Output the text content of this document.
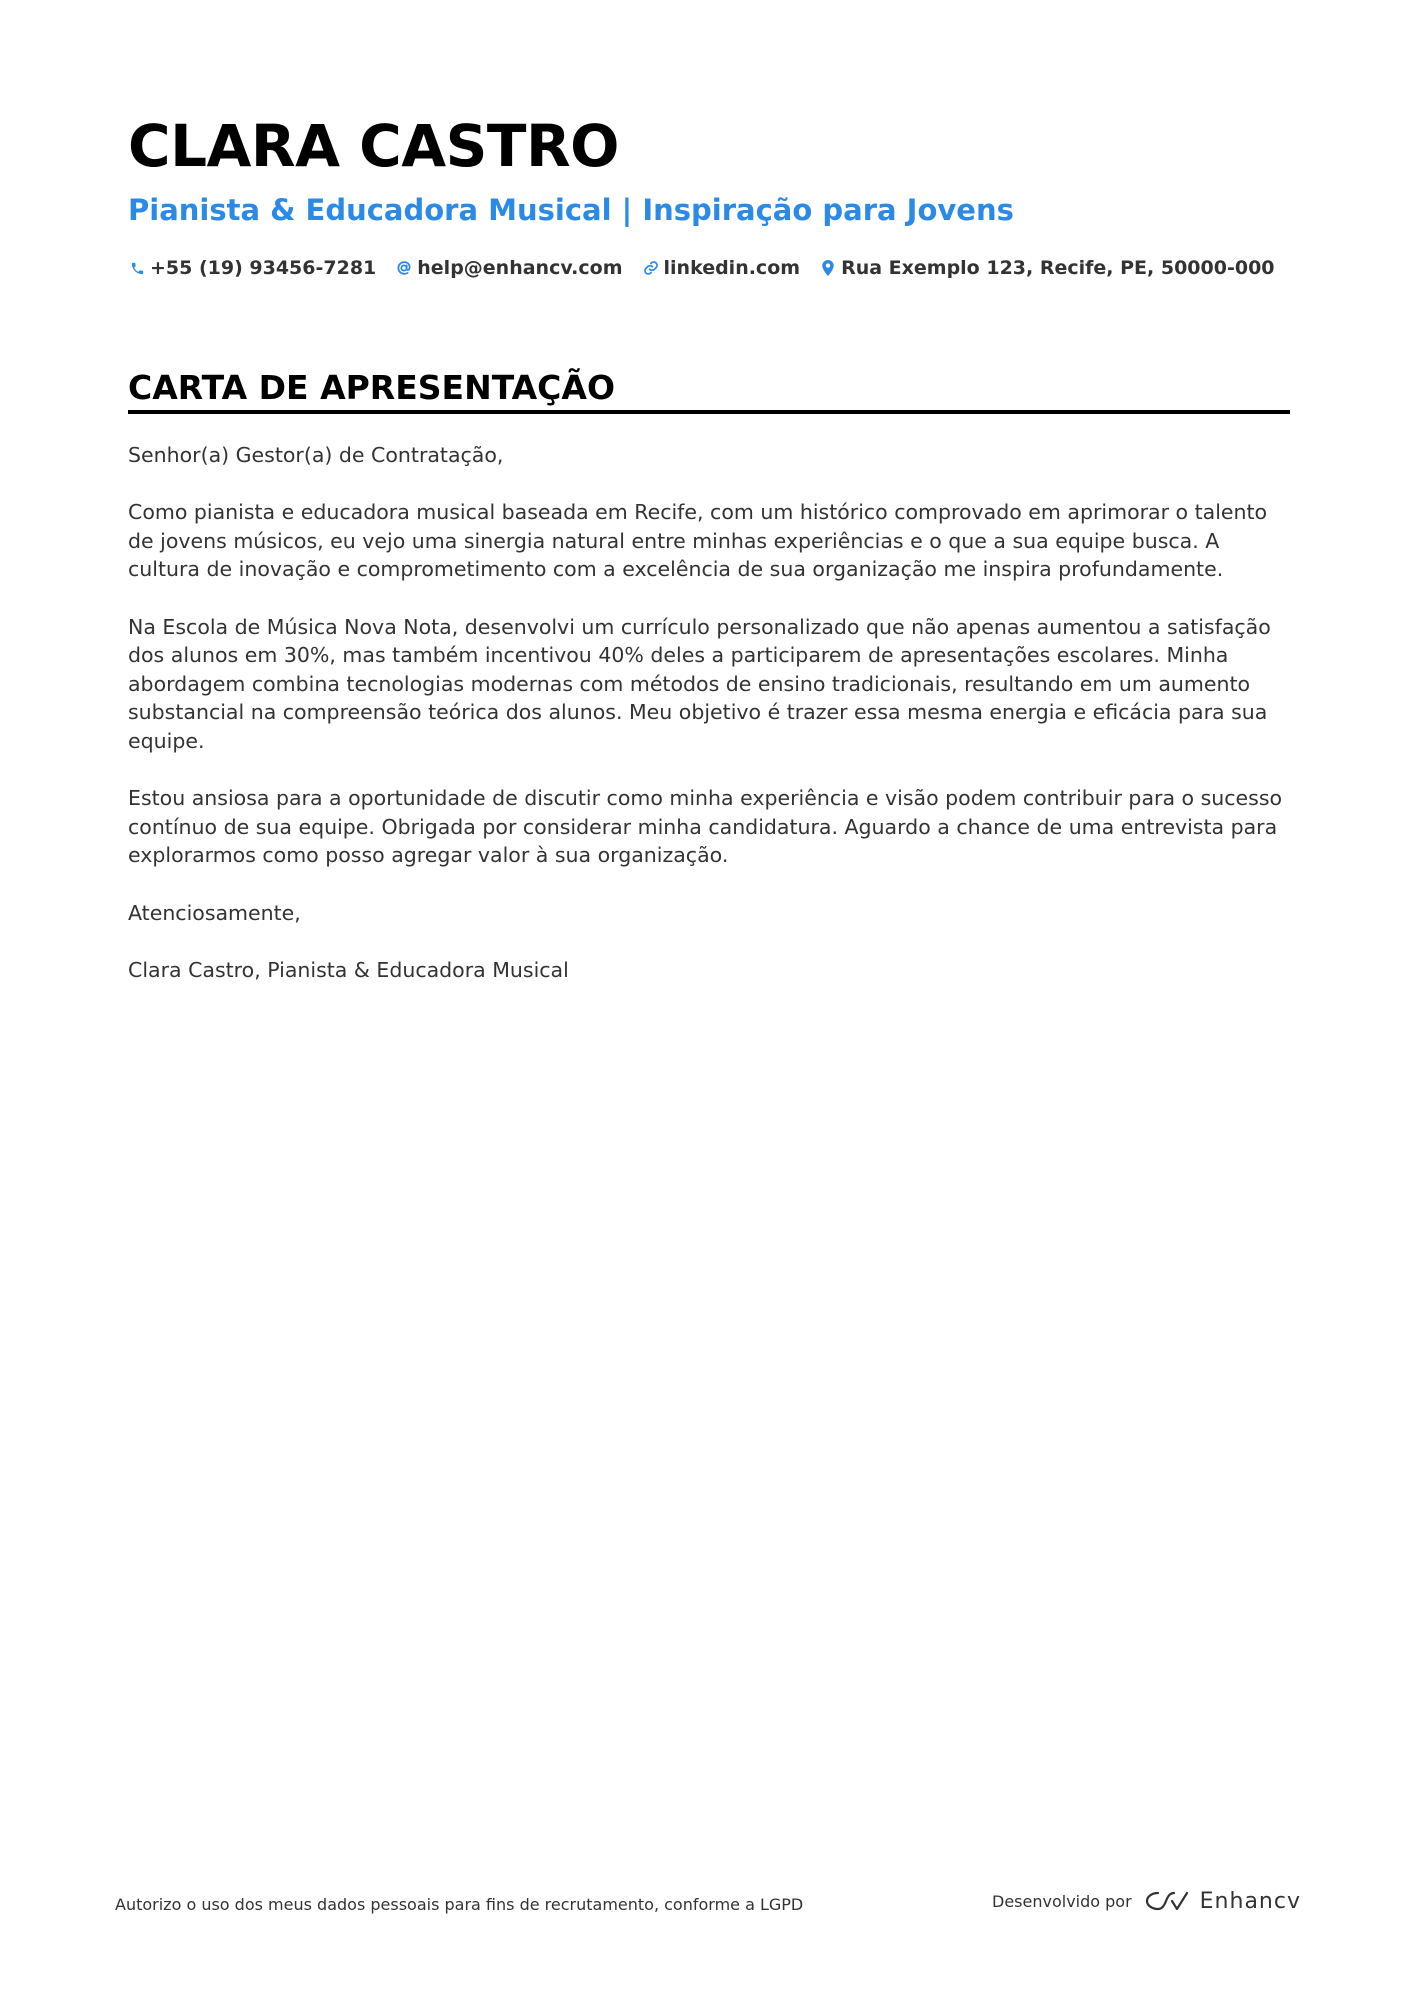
CLARA CASTRO
Pianista & Educadora Musical | Inspiração para Jovens
+55 (19) 93456-7281 help@enhancv.com linkedin.com Rua Exemplo 123, Recife, PE, 50000-000
CARTA DE APRESENTAÇÃO

Senhor(a) Gestor(a) de Contratação,

Como pianista e educadora musical baseada em Recife, com um histórico comprovado em aprimorar o talento de jovens músicos, eu vejo uma sinergia natural entre minhas experiências e o que a sua equipe busca. A cultura de inovação e comprometimento com a excelência de sua organização me inspira profundamente.

Na Escola de Música Nova Nota, desenvolvi um currículo personalizado que não apenas aumentou a satisfação dos alunos em 30%, mas também incentivou 40% deles a participarem de apresentações escolares. Minha abordagem combina tecnologias modernas com métodos de ensino tradicionais, resultando em um aumento substancial na compreensão teórica dos alunos. Meu objetivo é trazer essa mesma energia e eficácia para sua equipe.

Estou ansiosa para a oportunidade de discutir como minha experiência e visão podem contribuir para o sucesso contínuo de sua equipe. Obrigada por considerar minha candidatura. Aguardo a chance de uma entrevista para explorarmos como posso agregar valor à sua organização.

Atenciosamente,

Clara Castro, Pianista & Educadora Musical

Autorizo o uso dos meus dados pessoais para fins de recrutamento, conforme a LGPD	Desenvolvido por	Enhancv
